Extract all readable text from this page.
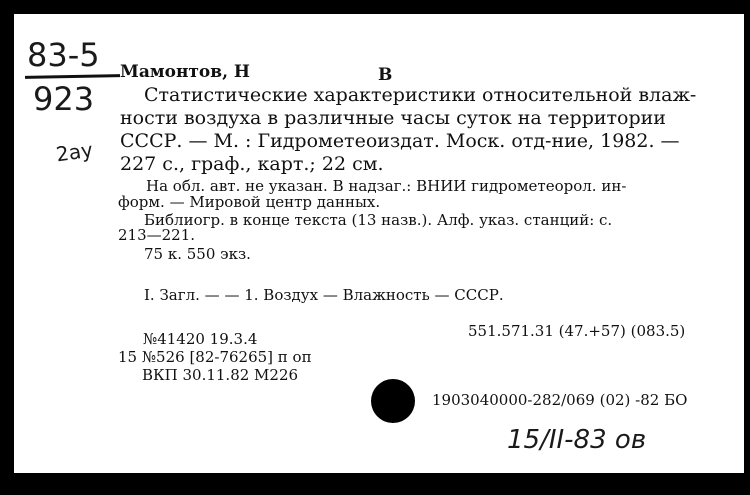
83-5
923
2ау
Мамонтов, Н	В
Статистические характеристики относительной влаж-
ности воздуха в различные часы суток на территории
СССР. — М. : Гидрометеоиздат. Моск. отд-ние, 1982. —
227 с., граф., карт.; 22 см.
На обл. авт. не указан. В надзаг.: ВНИИ гидрометеорол. ин-
форм. — Мировой центр данных.
Библиогр. в конце текста (13 назв.). Алф. указ. станций: с.
213—221.
75 к. 550 экз.
I. Загл. — — 1. Воздух — Влажность — СССР.
№41420 19.3.4	551.571.31 (47.+57) (083.5)
15 №526 [82-76265] п оп
ВКП 30.11.82 М226
1903040000-282/069 (02) -82 БО
15/II-83 ов
